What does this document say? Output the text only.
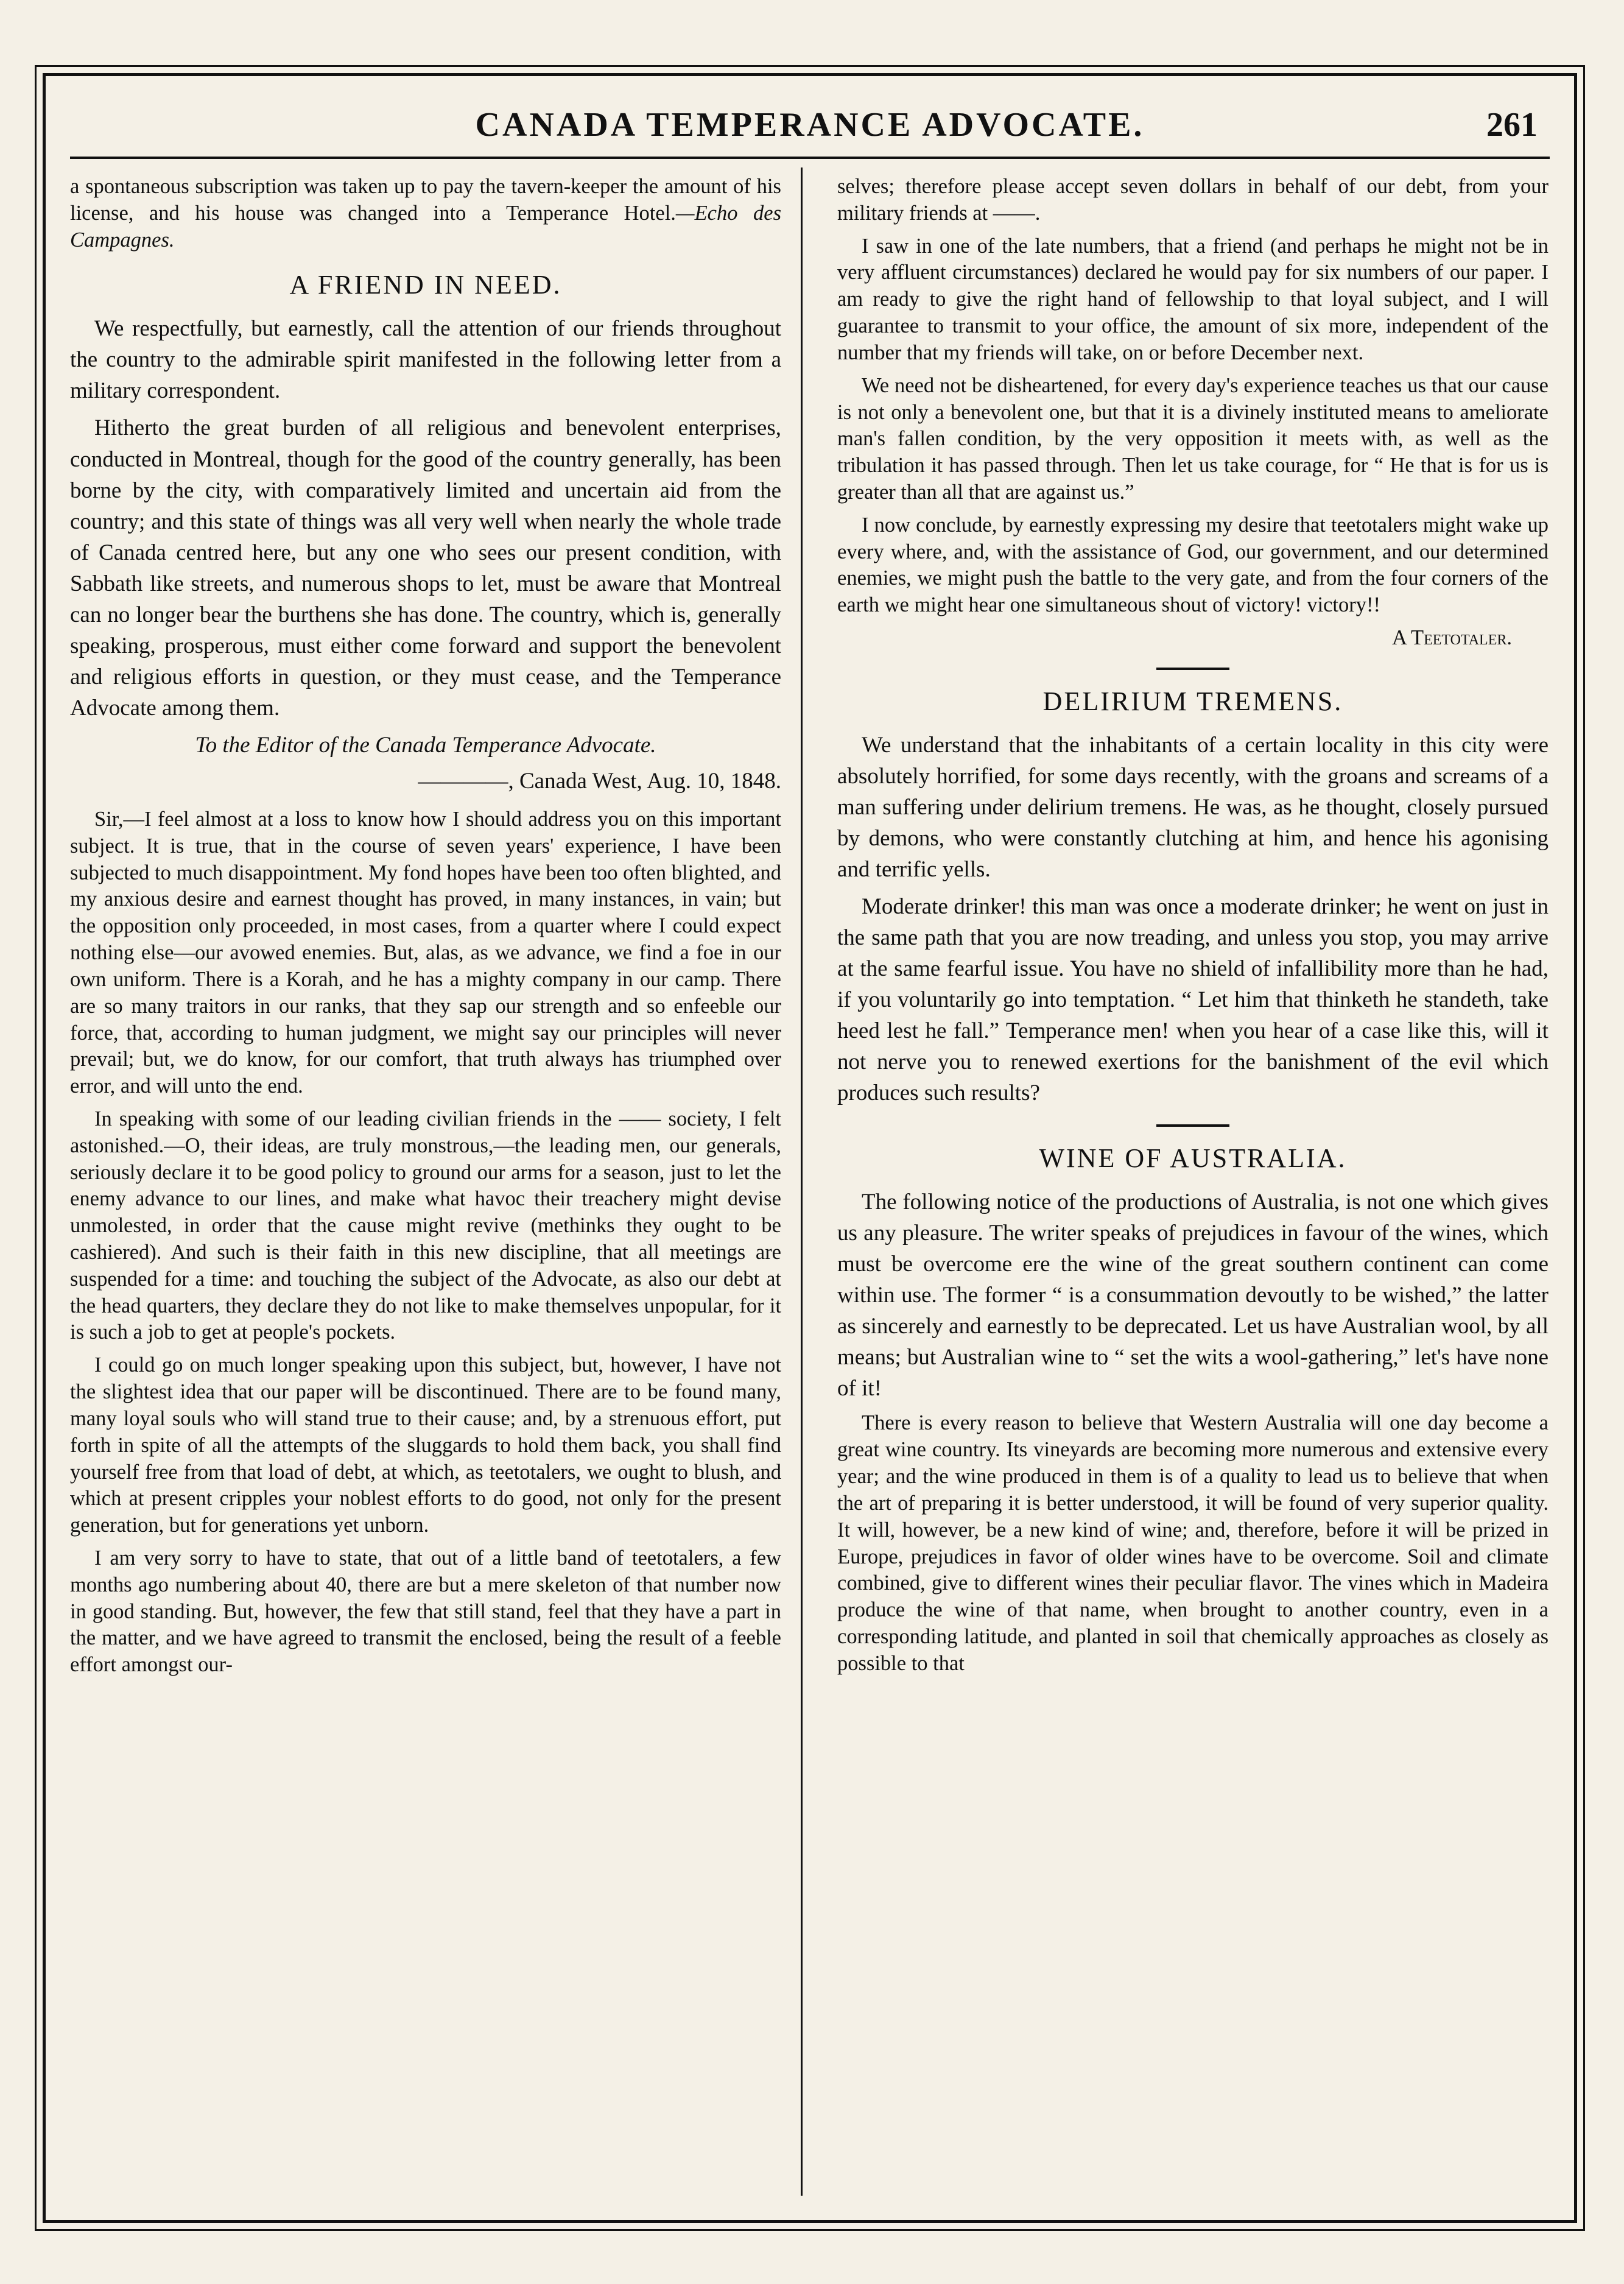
CANADA TEMPERANCE ADVOCATE.	261

a spontaneous subscription was taken up to pay the tavern-keeper the amount of his license, and his house was changed into a Temperance Hotel.—Echo des Campagnes.

A FRIEND IN NEED.

We respectfully, but earnestly, call the attention of our friends throughout the country to the admirable spirit manifested in the following letter from a military correspondent.

Hitherto the great burden of all religious and benevolent enterprises, conducted in Montreal, though for the good of the country generally, has been borne by the city, with comparatively limited and uncertain aid from the country; and this state of things was all very well when nearly the whole trade of Canada centred here, but any one who sees our present condition, with Sabbath like streets, and numerous shops to let, must be aware that Montreal can no longer bear the burthens she has done. The country, which is, generally speaking, prosperous, must either come forward and support the benevolent and religious efforts in question, or they must cease, and the Temperance Advocate among them.

To the Editor of the Canada Temperance Advocate.

————, Canada West, Aug. 10, 1848.

Sir,—I feel almost at a loss to know how I should address you on this important subject. It is true, that in the course of seven years' experience, I have been subjected to much disappointment. My fond hopes have been too often blighted, and my anxious desire and earnest thought has proved, in many instances, in vain; but the opposition only proceeded, in most cases, from a quarter where I could expect nothing else—our avowed enemies. But, alas, as we advance, we find a foe in our own uniform. There is a Korah, and he has a mighty company in our camp. There are so many traitors in our ranks, that they sap our strength and so enfeeble our force, that, according to human judgment, we might say our principles will never prevail; but, we do know, for our comfort, that truth always has triumphed over error, and will unto the end.

In speaking with some of our leading civilian friends in the —— society, I felt astonished.—O, their ideas, are truly monstrous,—the leading men, our generals, seriously declare it to be good policy to ground our arms for a season, just to let the enemy advance to our lines, and make what havoc their treachery might devise unmolested, in order that the cause might revive (methinks they ought to be cashiered). And such is their faith in this new discipline, that all meetings are suspended for a time: and touching the subject of the Advocate, as also our debt at the head quarters, they declare they do not like to make themselves unpopular, for it is such a job to get at people's pockets.

I could go on much longer speaking upon this subject, but, however, I have not the slightest idea that our paper will be discontinued. There are to be found many, many loyal souls who will stand true to their cause; and, by a strenuous effort, put forth in spite of all the attempts of the sluggards to hold them back, you shall find yourself free from that load of debt, at which, as teetotalers, we ought to blush, and which at present cripples your noblest efforts to do good, not only for the present generation, but for generations yet unborn.

I am very sorry to have to state, that out of a little band of teetotalers, a few months ago numbering about 40, there are but a mere skeleton of that number now in good standing. But, however, the few that still stand, feel that they have a part in the matter, and we have agreed to transmit the enclosed, being the result of a feeble effort amongst our-

selves; therefore please accept seven dollars in behalf of our debt, from your military friends at ——.

I saw in one of the late numbers, that a friend (and perhaps he might not be in very affluent circumstances) declared he would pay for six numbers of our paper. I am ready to give the right hand of fellowship to that loyal subject, and I will guarantee to transmit to your office, the amount of six more, independent of the number that my friends will take, on or before December next.

We need not be disheartened, for every day's experience teaches us that our cause is not only a benevolent one, but that it is a divinely instituted means to ameliorate man's fallen condition, by the very opposition it meets with, as well as the tribulation it has passed through. Then let us take courage, for “ He that is for us is greater than all that are against us.”

I now conclude, by earnestly expressing my desire that teetotalers might wake up every where, and, with the assistance of God, our government, and our determined enemies, we might push the battle to the very gate, and from the four corners of the earth we might hear one simultaneous shout of victory! victory!!

A Teetotaler.

DELIRIUM TREMENS.

We understand that the inhabitants of a certain locality in this city were absolutely horrified, for some days recently, with the groans and screams of a man suffering under delirium tremens. He was, as he thought, closely pursued by demons, who were constantly clutching at him, and hence his agonising and terrific yells.

Moderate drinker! this man was once a moderate drinker; he went on just in the same path that you are now treading, and unless you stop, you may arrive at the same fearful issue. You have no shield of infallibility more than he had, if you voluntarily go into temptation. “ Let him that thinketh he standeth, take heed lest he fall.” Temperance men! when you hear of a case like this, will it not nerve you to renewed exertions for the banishment of the evil which produces such results?

WINE OF AUSTRALIA.

The following notice of the productions of Australia, is not one which gives us any pleasure. The writer speaks of prejudices in favour of the wines, which must be overcome ere the wine of the great southern continent can come within use. The former “ is a consummation devoutly to be wished,” the latter as sincerely and earnestly to be deprecated. Let us have Australian wool, by all means; but Australian wine to “ set the wits a wool-gathering,” let's have none of it!

There is every reason to believe that Western Australia will one day become a great wine country. Its vineyards are becoming more numerous and extensive every year; and the wine produced in them is of a quality to lead us to believe that when the art of preparing it is better understood, it will be found of very superior quality. It will, however, be a new kind of wine; and, therefore, before it will be prized in Europe, prejudices in favor of older wines have to be overcome. Soil and climate combined, give to different wines their peculiar flavor. The vines which in Madeira produce the wine of that name, when brought to another country, even in a corresponding latitude, and planted in soil that chemically approaches as closely as possible to that
